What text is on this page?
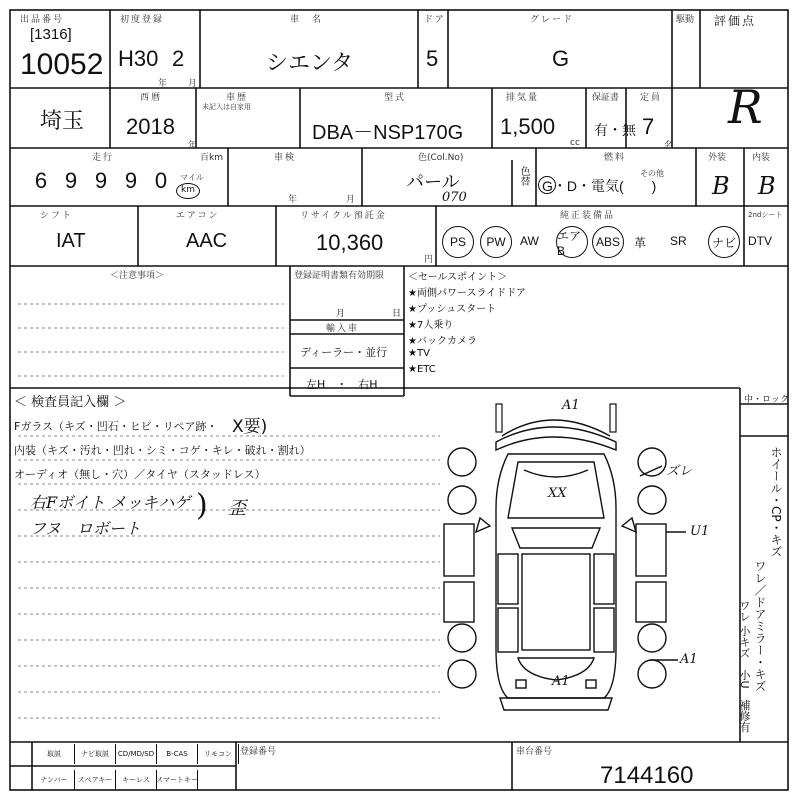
出品番号
[1316]
10052
初度登録
H30 2
年 月
車　名
シエンタ
ドア
5
グレード
G
駆動 評価点
R
埼玉
西暦
2018
年
車歴
未記入は自家用
型式
DBA－NSP170G
排気量
1,500
cc
保証書
有・無
定員
7
名
走行	百km
6 9 9 9 0	マイル
km
車検
年	月
色(Col.No)
パール
070
色替
燃料
その他
G・D・電気(　　)
外装
B
内装
B
シフト
IAT
エアコン
AAC
リサイクル預託金
10,360
円
純正装備品	2ndシート
PS	PW	AW エアB
ABS	革 SR	ナビ	DTV
＜注意事項＞	登録証明書類有効期限
月	日
輸入車
ディーラー・並行
左H　・　右H
＜セールスポイント＞
★両側パワースライドドア
★プッシュスタート
★7人乗り
★バックカメラ
★TV
★ETC
＜ 検査員記入欄 ＞
Fガラス（キズ・凹石・ヒビ・リペア跡・ X要)
内装（キズ・汚れ・凹れ・シミ・コゲ・キレ・破れ・割れ）
オーディオ（無し・穴）／タイヤ（スタッドレス）
右Fボイト メッキハゲ
フヌ　ロボート
) 歪
A1
XX
ズレ
U1
A1
A1
中・ロック
ホイール・CP・キズ
ワレ／ドアミラー・キズ
ワレ 小キズ　小U　補修有
取説	ナビ取説	CD/MD/SD	B-CAS	リモコン
ナンバー	スペアキー	キーレス スマートキー
登録番号	車台番号
7144160
